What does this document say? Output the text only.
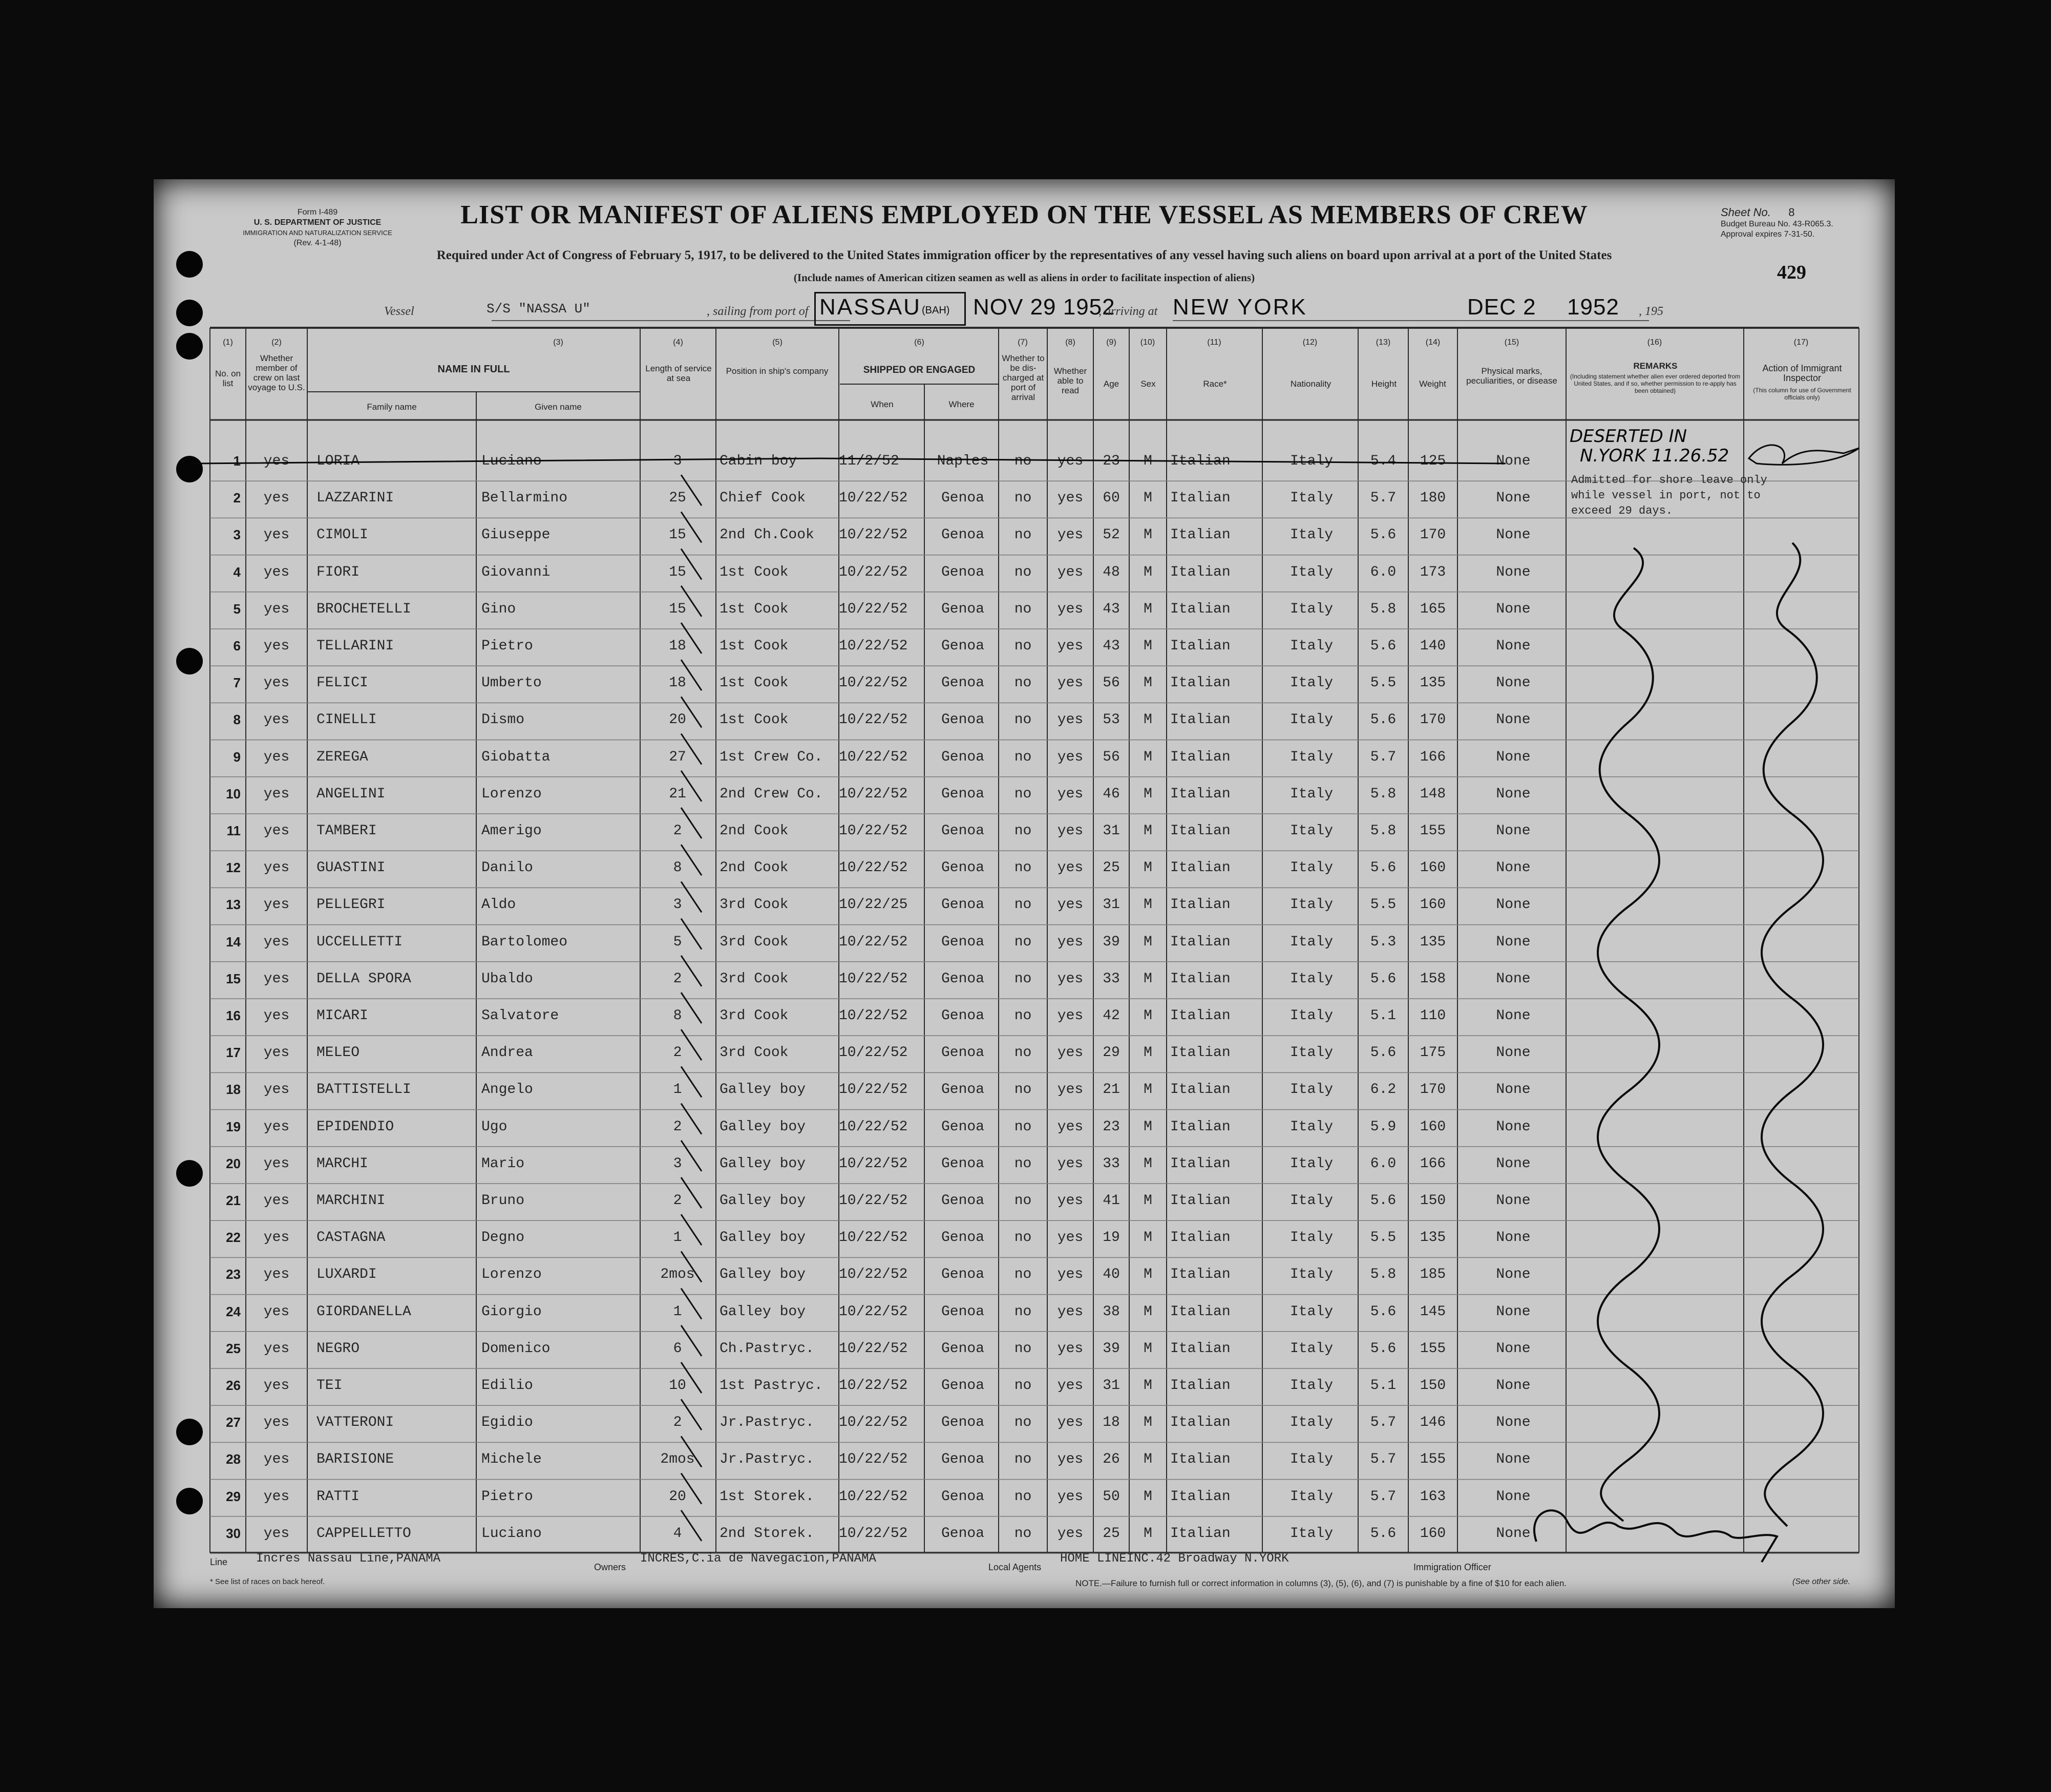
Form I-489
U. S. DEPARTMENT OF JUSTICE
IMMIGRATION AND NATURALIZATION SERVICE
(Rev. 4-1-48)
LIST OR MANIFEST OF ALIENS EMPLOYED ON THE VESSEL AS MEMBERS OF CREW
Required under Act of Congress of February 5, 1917, to be delivered to the United States immigration officer by the representatives of any vessel having such aliens on board upon arrival at a port of the United States
(Include names of American citizen seamen as well as aliens in order to facilitate inspection of aliens)
Sheet No. 8
Budget Bureau No. 43-R065.3.
Approval expires 7-31-50.
429
Vessel	S/S "NASSA U"	, sailing from port of NASSAU (BAH) NOV 29 1952
, arriving at NEW YORK	DEC 2 1952 , 195
(1)	(2)	(3)	(4)	(5)	(6)	(7)	(8)	(9)	(10)	(11)	(12)	(13)	(14)	(15)	(16)	(17)
No. on list
Whether member of crew on last voyage to U.S.
NAME IN FULL
Family name	Given name
Length of service at sea
Position in ship's company	SHIPPED OR ENGAGED
When	Where
Whether to be dis-charged at port of arrival
Whether able to read
Age	Sex	Race*	Nationality	Height	Weight
Physical marks, peculiarities, or disease
REMARKS
(Including statement whether alien ever ordered deported from United States, and if so, whether permission to re-apply has been obtained)
Action of Immigrant Inspector
(This column for use of Government officials only)
1	yes	LORIA	Luciano	3	Cabin boy	11/2/52	Naples	no	yes	23	M	Italian	Italy	5.4	125	None
2	yes	LAZZARINI	Bellarmino	25	Chief Cook	10/22/52	Genoa	no	yes	60	M	Italian	Italy	5.7	180	None
3	yes	CIMOLI	Giuseppe	15	2nd Ch.Cook	10/22/52	Genoa	no	yes	52	M	Italian	Italy	5.6	170	None
4	yes	FIORI	Giovanni	15	1st Cook	10/22/52	Genoa	no	yes	48	M	Italian	Italy	6.0	173	None
5	yes	BROCHETELLI	Gino	15	1st Cook	10/22/52	Genoa	no	yes	43	M	Italian	Italy	5.8	165	None
6	yes	TELLARINI	Pietro	18	1st Cook	10/22/52	Genoa	no	yes	43	M	Italian	Italy	5.6	140	None
7	yes	FELICI	Umberto	18	1st Cook	10/22/52	Genoa	no	yes	56	M	Italian	Italy	5.5	135	None
8	yes	CINELLI	Dismo	20	1st Cook	10/22/52	Genoa	no	yes	53	M	Italian	Italy	5.6	170	None
9	yes	ZEREGA	Giobatta	27	1st Crew Co.	10/22/52	Genoa	no	yes	56	M	Italian	Italy	5.7	166	None
10	yes	ANGELINI	Lorenzo	21	2nd Crew Co.	10/22/52	Genoa	no	yes	46	M	Italian	Italy	5.8	148	None
11	yes	TAMBERI	Amerigo	2	2nd Cook	10/22/52	Genoa	no	yes	31	M	Italian	Italy	5.8	155	None
12	yes	GUASTINI	Danilo	8	2nd Cook	10/22/52	Genoa	no	yes	25	M	Italian	Italy	5.6	160	None
13	yes	PELLEGRI	Aldo	3	3rd Cook	10/22/25	Genoa	no	yes	31	M	Italian	Italy	5.5	160	None
14	yes	UCCELLETTI	Bartolomeo	5	3rd Cook	10/22/52	Genoa	no	yes	39	M	Italian	Italy	5.3	135	None
15	yes	DELLA SPORA	Ubaldo	2	3rd Cook	10/22/52	Genoa	no	yes	33	M	Italian	Italy	5.6	158	None
16	yes	MICARI	Salvatore	8	3rd Cook	10/22/52	Genoa	no	yes	42	M	Italian	Italy	5.1	110	None
17	yes	MELEO	Andrea	2	3rd Cook	10/22/52	Genoa	no	yes	29	M	Italian	Italy	5.6	175	None
18	yes	BATTISTELLI	Angelo	1	Galley boy	10/22/52	Genoa	no	yes	21	M	Italian	Italy	6.2	170	None
19	yes	EPIDENDIO	Ugo	2	Galley boy	10/22/52	Genoa	no	yes	23	M	Italian	Italy	5.9	160	None
20	yes	MARCHI	Mario	3	Galley boy	10/22/52	Genoa	no	yes	33	M	Italian	Italy	6.0	166	None
21	yes	MARCHINI	Bruno	2	Galley boy	10/22/52	Genoa	no	yes	41	M	Italian	Italy	5.6	150	None
22	yes	CASTAGNA	Degno	1	Galley boy	10/22/52	Genoa	no	yes	19	M	Italian	Italy	5.5	135	None
23	yes	LUXARDI	Lorenzo	2mos	Galley boy	10/22/52	Genoa	no	yes	40	M	Italian	Italy	5.8	185	None
24	yes	GIORDANELLA	Giorgio	1	Galley boy	10/22/52	Genoa	no	yes	38	M	Italian	Italy	5.6	145	None
25	yes	NEGRO	Domenico	6	Ch.Pastryc.	10/22/52	Genoa	no	yes	39	M	Italian	Italy	5.6	155	None
26	yes	TEI	Edilio	10	1st Pastryc.	10/22/52	Genoa	no	yes	31	M	Italian	Italy	5.1	150	None
27	yes	VATTERONI	Egidio	2	Jr.Pastryc.	10/22/52	Genoa	no	yes	18	M	Italian	Italy	5.7	146	None
28	yes	BARISIONE	Michele	2mos	Jr.Pastryc.	10/22/52	Genoa	no	yes	26	M	Italian	Italy	5.7	155	None
29	yes	RATTI	Pietro	20	1st Storek.	10/22/52	Genoa	no	yes	50	M	Italian	Italy	5.7	163	None
30	yes	CAPPELLETTO	Luciano	4	2nd Storek.	10/22/52	Genoa	no	yes	25	M	Italian	Italy	5.6	160	None
DESERTED IN
N.YORK 11.26.52
Admitted for shore leave only
while vessel in port, not to
exceed 29 days.
Line Incres Nassau Line,PANAMA
Owners
INCRES,C.ia de Navegacion,PANAMA
Local Agents
HOME LINEINC.42 Broadway N.YORK
Immigration Officer
* See list of races on back hereof.	NOTE.—Failure to furnish full or correct information in columns (3), (5), (6), and (7) is punishable by a fine of $10 for each alien.	(See other side.
